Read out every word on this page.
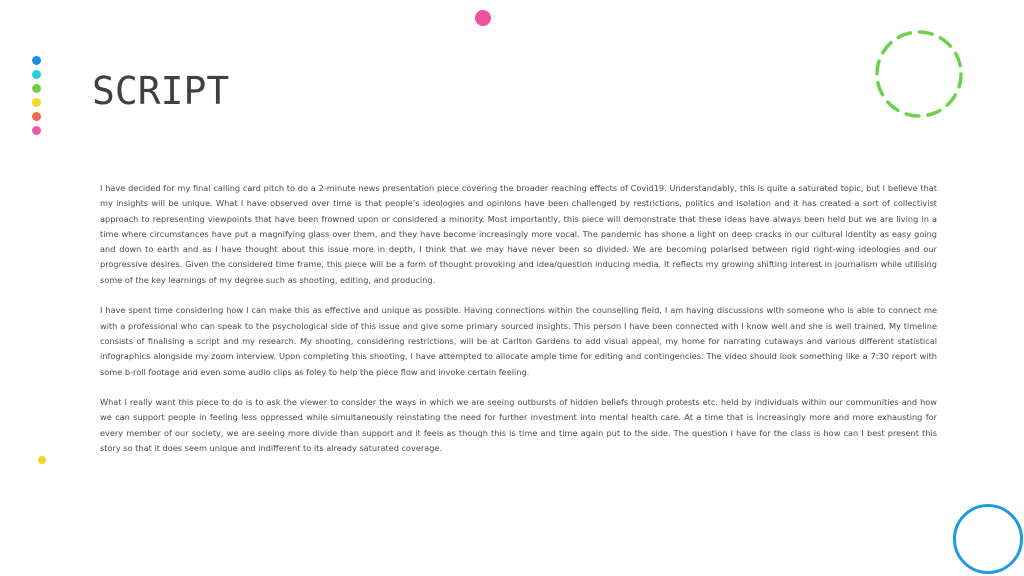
SCRIPT

I have decided for my final calling card pitch to do a 2-minute news presentation piece covering the broader reaching effects of Covid19. Understandably, this is quite a saturated topic, but I believe that my insights will be unique. What I have observed over time is that people’s ideologies and opinions have been challenged by restrictions, politics and isolation and it has created a sort of collectivist approach to representing viewpoints that have been frowned upon or considered a minority. Most importantly, this piece will demonstrate that these ideas have always been held but we are living in a time where circumstances have put a magnifying glass over them, and they have become increasingly more vocal. The pandemic has shone a light on deep cracks in our cultural identity as easy going and down to earth and as I have thought about this issue more in depth, I think that we may have never been so divided. We are becoming polarised between rigid right-wing ideologies and our progressive desires. Given the considered time frame, this piece will be a form of thought provoking and idea/question inducing media. It reflects my growing shifting interest in journalism while utilising some of the key learnings of my degree such as shooting, editing, and producing.

I have spent time considering how I can make this as effective and unique as possible. Having connections within the counselling field, I am having discussions with someone who is able to connect me with a professional who can speak to the psychological side of this issue and give some primary sourced insights. This person I have been connected with I know well and she is well trained. My timeline consists of finalising a script and my research. My shooting, considering restrictions, will be at Carlton Gardens to add visual appeal, my home for narrating cutaways and various different statistical infographics alongside my zoom interview. Upon completing this shooting, I have attempted to allocate ample time for editing and contingencies. The video should look something like a 7:30 report with some b-roll footage and even some audio clips as foley to help the piece flow and invoke certain feeling.

What I really want this piece to do is to ask the viewer to consider the ways in which we are seeing outbursts of hidden beliefs through protests etc. held by individuals within our communities and how we can support people in feeling less oppressed while simultaneously reinstating the need for further investment into mental health care. At a time that is increasingly more and more exhausting for every member of our society, we are seeing more divide than support and it feels as though this is time and time again put to the side. The question I have for the class is how can I best present this story so that it does seem unique and indifferent to its already saturated coverage.
